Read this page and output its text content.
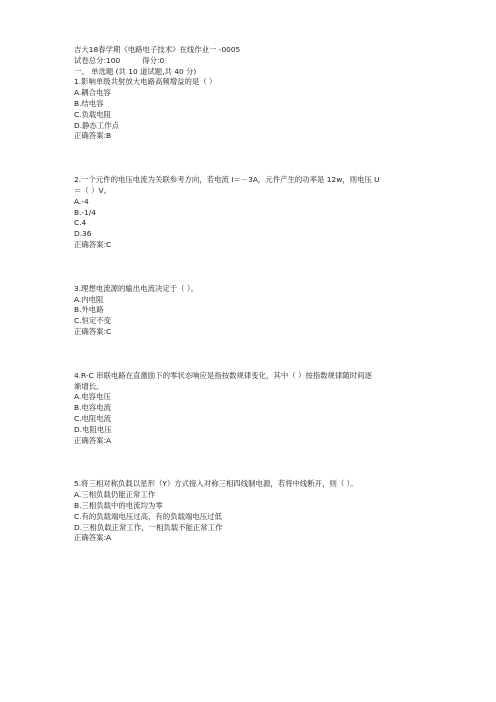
吉大18春学期《电路电子技术》在线作业一 -0005
试卷总分:100	得分:0
一、 单选题 (共 10 道试题,共 40 分)
1.影响单级共射放大电路高频增益的是（ ）
A.耦合电容
B.结电容
C.负载电阻
D.静态工作点
正确答案:B
2.一个元件的电压电流为关联参考方向，若电流 I＝－3A，元件产生的功率是 12w，则电压 U
＝（ ）V。
A.-4
B.-1/4
C.4
D.36
正确答案:C
3.理想电流源的输出电流决定于（ ）。
A.内电阻
B.外电路
C.恒定不变
正确答案:C
4.R-C 串联电路在直激励下的零状态响应是指按数规律变化，其中（ ）按指数规律随时间逐
渐增长。
A.电容电压
B.电容电流
C.电阻电流
D.电阻电压
正确答案:A
5.将三相对称负载以星形（Y）方式接入对称三相四线制电源，若将中线断开，则（ ）。
A.三相负载仍能正常工作
B.三相负载中的电流均为零
C.有的负载端电压过高，有的负载端电压过低
D.三相负载正常工作，一相负载不能正常工作
正确答案:A
